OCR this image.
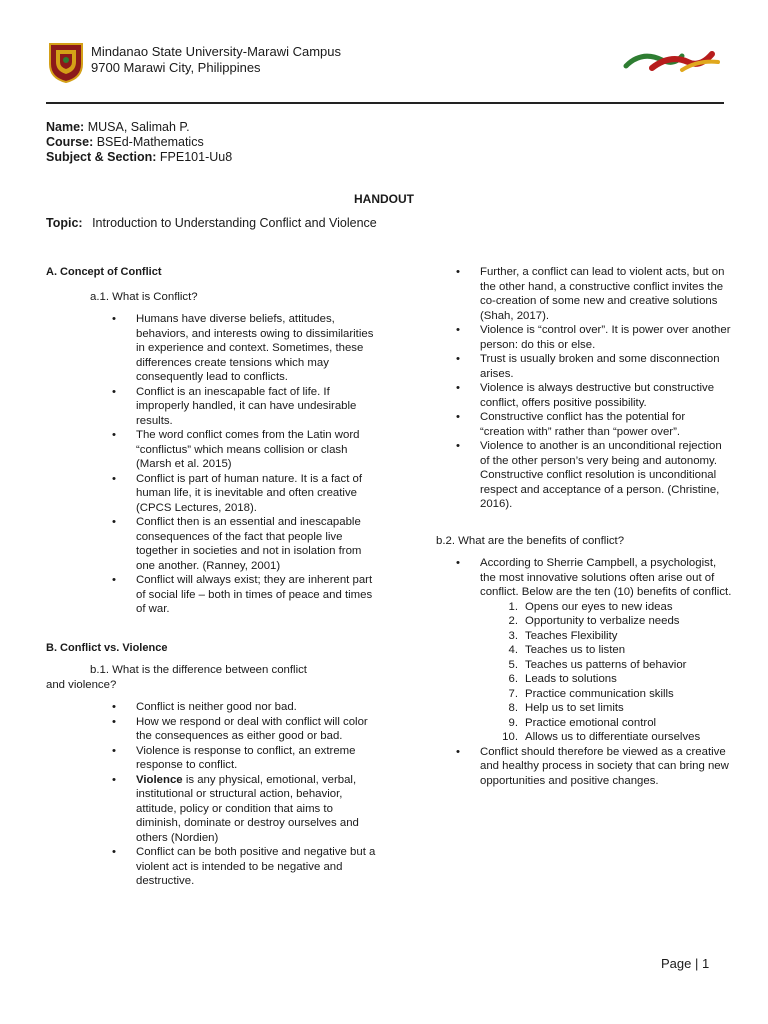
Mindanao State University-Marawi Campus
9700 Marawi City, Philippines
Name: MUSA, Salimah P.
Course: BSEd-Mathematics
Subject & Section: FPE101-Uu8
HANDOUT
Topic: Introduction to Understanding Conflict and Violence
A. Concept of Conflict
a.1. What is Conflict?
• Humans have diverse beliefs, attitudes, behaviors, and interests owing to dissimilarities in experience and context. Sometimes, these differences create tensions which may consequently lead to conflicts.
• Conflict is an inescapable fact of life. If improperly handled, it can have undesirable results.
• The word conflict comes from the Latin word “conflictus” which means collision or clash (Marsh et al. 2015)
• Conflict is part of human nature. It is a fact of human life, it is inevitable and often creative (CPCS Lectures, 2018).
• Conflict then is an essential and inescapable consequences of the fact that people live together in societies and not in isolation from one another. (Ranney, 2001)
• Conflict will always exist; they are inherent part of social life – both in times of peace and times of war.
B. Conflict vs. Violence
b.1. What is the difference between conflict
and violence?
• Conflict is neither good nor bad.
• How we respond or deal with conflict will color the consequences as either good or bad.
• Violence is response to conflict, an extreme response to conflict.
• Violence is any physical, emotional, verbal, institutional or structural action, behavior, attitude, policy or condition that aims to diminish, dominate or destroy ourselves and others (Nordien)
• Conflict can be both positive and negative but a violent act is intended to be negative and destructive.
• Further, a conflict can lead to violent acts, but on the other hand, a constructive conflict invites the co-creation of some new and creative solutions (Shah, 2017).
• Violence is “control over”. It is power over another person: do this or else.
• Trust is usually broken and some disconnection arises.
• Violence is always destructive but constructive conflict, offers positive possibility.
• Constructive conflict has the potential for “creation with” rather than “power over”.
• Violence to another is an unconditional rejection of the other person’s very being and autonomy. Constructive conflict resolution is unconditional respect and acceptance of a person. (Christine, 2016).
b.2. What are the benefits of conflict?
• According to Sherrie Campbell, a psychologist, the most innovative solutions often arise out of conflict. Below are the ten (10) benefits of conflict.
1. Opens our eyes to new ideas
2. Opportunity to verbalize needs
3. Teaches Flexibility
4. Teaches us to listen
5. Teaches us patterns of behavior
6. Leads to solutions
7. Practice communication skills
8. Help us to set limits
9. Practice emotional control
10. Allows us to differentiate ourselves
• Conflict should therefore be viewed as a creative and healthy process in society that can bring new opportunities and positive changes.
Page | 1
